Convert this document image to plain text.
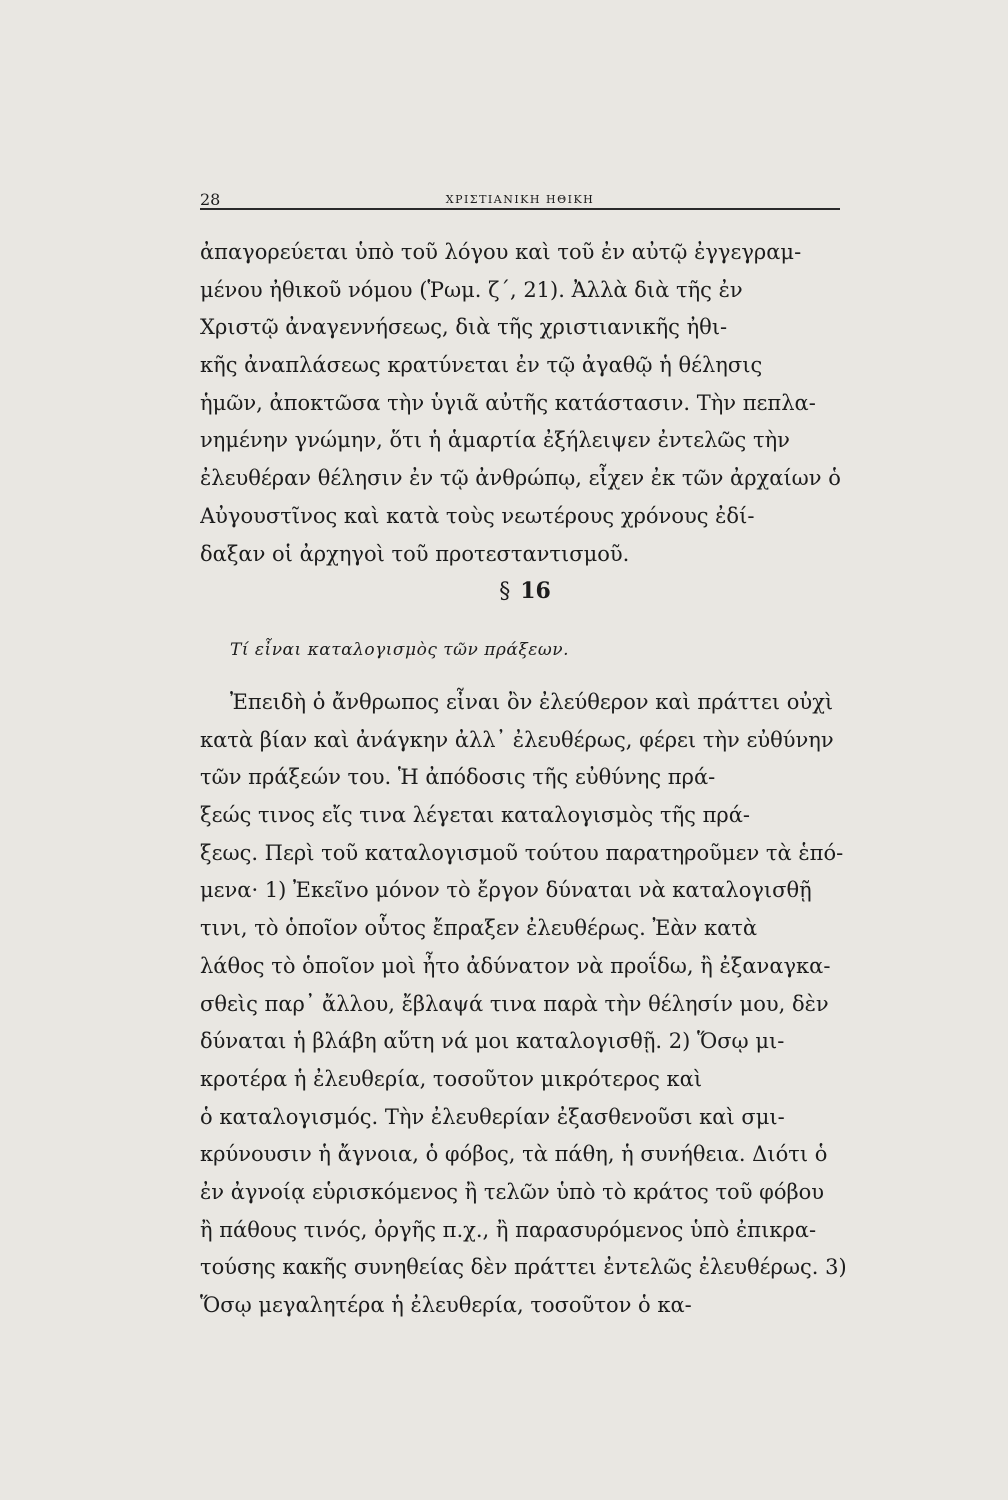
28	ΧΡΙΣΤΙΑΝΙΚΗ ΗΘΙΚΗ
ἀπαγορεύεται ὑπὸ τοῦ λόγου καὶ τοῦ ἐν αὐτῷ ἐγγεγραμ-
μένου ἠθικοῦ νόμου (Ῥωμ. ζ΄, 21). Ἀλλὰ διὰ τῆς ἐν
Χριστῷ ἀναγεννήσεως, διὰ τῆς χριστιανικῆς ἠθι-
κῆς ἀναπλάσεως κρατύνεται ἐν τῷ ἀγαθῷ ἡ θέλησις
ἡμῶν, ἀποκτῶσα τὴν ὑγιᾶ αὐτῆς κατάστασιν. Τὴν πεπλα-
νημένην γνώμην, ὅτι ἡ ἁμαρτία ἐξήλειψεν ἐντελῶς τὴν
ἐλευθέραν θέλησιν ἐν τῷ ἀνθρώπῳ, εἶχεν ἐκ τῶν ἀρχαίων ὁ
Αὐγουστῖνος καὶ κατὰ τοὺς νεωτέρους χρόνους ἐδί-
δαξαν οἱ ἀρχηγοὶ τοῦ προτεσταντισμοῦ.
§ 16
Τί εἶναι καταλογισμὸς τῶν πράξεων.
Ἐπειδὴ ὁ ἄνθρωπος εἶναι ὂν ἐλεύθερον καὶ πράττει οὐχὶ
κατὰ βίαν καὶ ἀνάγκην ἀλλ᾽ ἐλευθέρως, φέρει τὴν εὐθύνην
τῶν πράξεών του. Ἡ ἀπόδοσις τῆς εὐθύνης πρά-
ξεώς τινος εἴς τινα λέγεται καταλογισμὸς τῆς πρά-
ξεως. Περὶ τοῦ καταλογισμοῦ τούτου παρατηροῦμεν τὰ ἑπό-
μενα· 1) Ἐκεῖνο μόνον τὸ ἔργον δύναται νὰ καταλογισθῇ
τινι, τὸ ὁποῖον οὗτος ἔπραξεν ἐλευθέρως. Ἐὰν κατὰ
λάθος τὸ ὁποῖον μοὶ ἦτο ἀδύνατον νὰ προΐδω, ἢ ἐξαναγκα-
σθεὶς παρ᾽ ἄλλου, ἔβλαψά τινα παρὰ τὴν θέλησίν μου, δὲν
δύναται ἡ βλάβη αὕτη νά μοι καταλογισθῇ. 2) Ὅσῳ μι-
κροτέρα ἡ ἐλευθερία, τοσοῦτον μικρότερος καὶ
ὁ καταλογισμός. Τὴν ἐλευθερίαν ἐξασθενοῦσι καὶ σμι-
κρύνουσιν ἡ ἄγνοια, ὁ φόβος, τὰ πάθη, ἡ συνήθεια. Διότι ὁ
ἐν ἀγνοίᾳ εὑρισκόμενος ἢ τελῶν ὑπὸ τὸ κράτος τοῦ φόβου
ἢ πάθους τινός, ὀργῆς π.χ., ἢ παρασυρόμενος ὑπὸ ἐπικρα-
τούσης κακῆς συνηθείας δὲν πράττει ἐντελῶς ἐλευθέρως. 3)
Ὅσῳ μεγαλητέρα ἡ ἐλευθερία, τοσοῦτον ὁ κα-
